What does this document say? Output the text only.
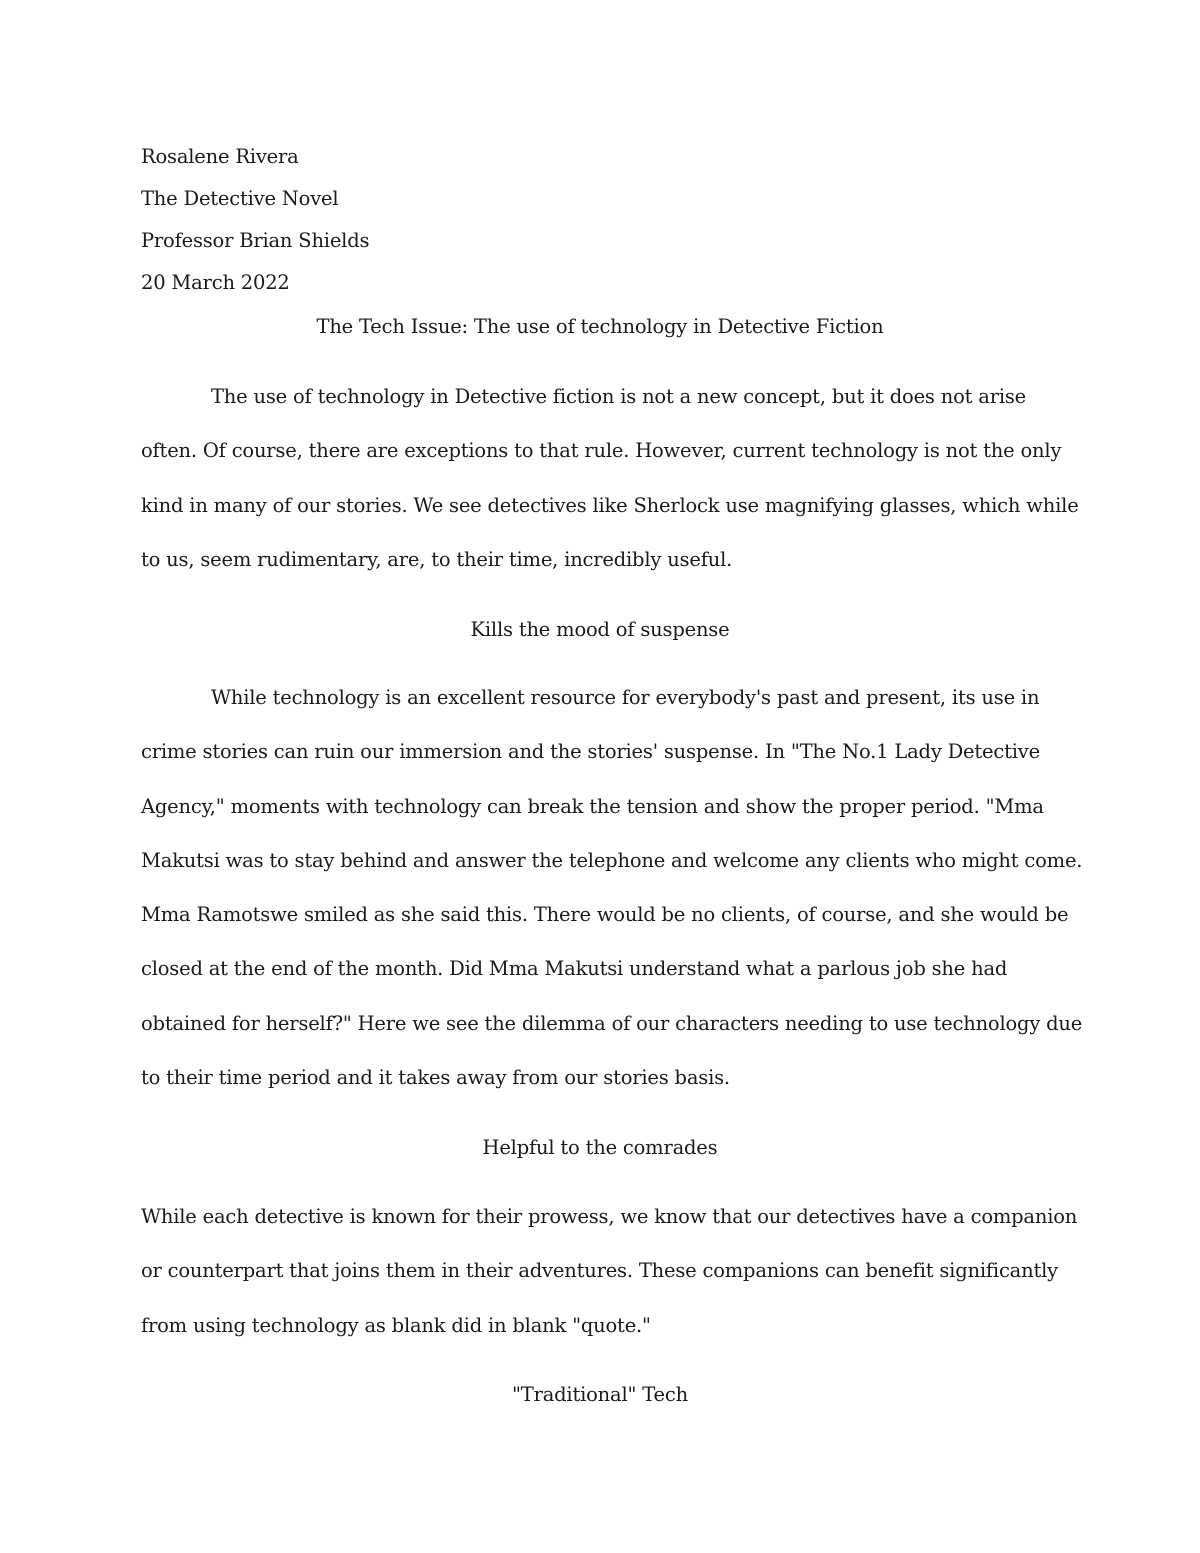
Rosalene Rivera
The Detective Novel
Professor Brian Shields
20 March 2022
The Tech Issue: The use of technology in Detective Fiction
The use of technology in Detective fiction is not a new concept, but it does not arise
often. Of course, there are exceptions to that rule. However, current technology is not the only
kind in many of our stories. We see detectives like Sherlock use magnifying glasses, which while
to us, seem rudimentary, are, to their time, incredibly useful.
Kills the mood of suspense
While technology is an excellent resource for everybody's past and present, its use in
crime stories can ruin our immersion and the stories' suspense. In "The No.1 Lady Detective
Agency," moments with technology can break the tension and show the proper period. "Mma
Makutsi was to stay behind and answer the telephone and welcome any clients who might come.
Mma Ramotswe smiled as she said this. There would be no clients, of course, and she would be
closed at the end of the month. Did Mma Makutsi understand what a parlous job she had
obtained for herself?" Here we see the dilemma of our characters needing to use technology due
to their time period and it takes away from our stories basis.
Helpful to the comrades
While each detective is known for their prowess, we know that our detectives have a companion
or counterpart that joins them in their adventures. These companions can benefit significantly
from using technology as blank did in blank "quote."
"Traditional" Tech
